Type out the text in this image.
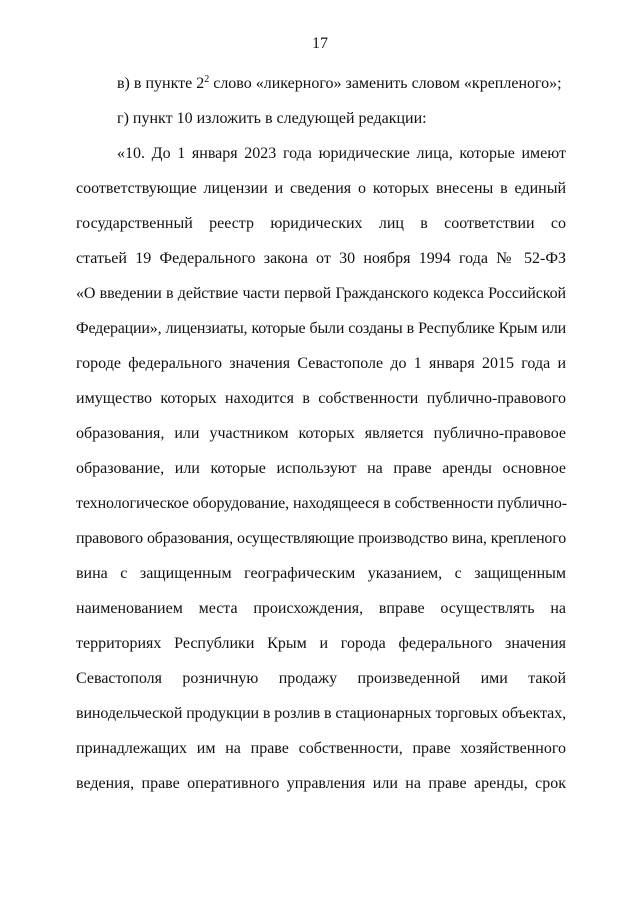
17
в) в пункте $2^2$ слово «ликерного» заменить словом «крепленого»;
г) пункт 10 изложить в следующей редакции:
«10. До 1 января 2023 года юридические лица, которые имеют
соответствующие лицензии и сведения о которых внесены в единый
государственный реестр юридических лиц в соответствии со
статьей 19 Федерального закона от 30 ноября 1994 года № 52-ФЗ
«О введении в действие части первой Гражданского кодекса Российской
Федерации», лицензиаты, которые были созданы в Республике Крым или
городе федерального значения Севастополе до 1 января 2015 года и
имущество которых находится в собственности публично-правового
образования, или участником которых является публично-правовое
образование, или которые используют на праве аренды основное
технологическое оборудование, находящееся в собственности публично-
правового образования, осуществляющие производство вина, крепленого
вина с защищенным географическим указанием, с защищенным
наименованием места происхождения, вправе осуществлять на
территориях Республики Крым и города федерального значения
Севастополя розничную продажу произведенной ими такой
винодельческой продукции в розлив в стационарных торговых объектах,
принадлежащих им на праве собственности, праве хозяйственного
ведения, праве оперативного управления или на праве аренды, срок
